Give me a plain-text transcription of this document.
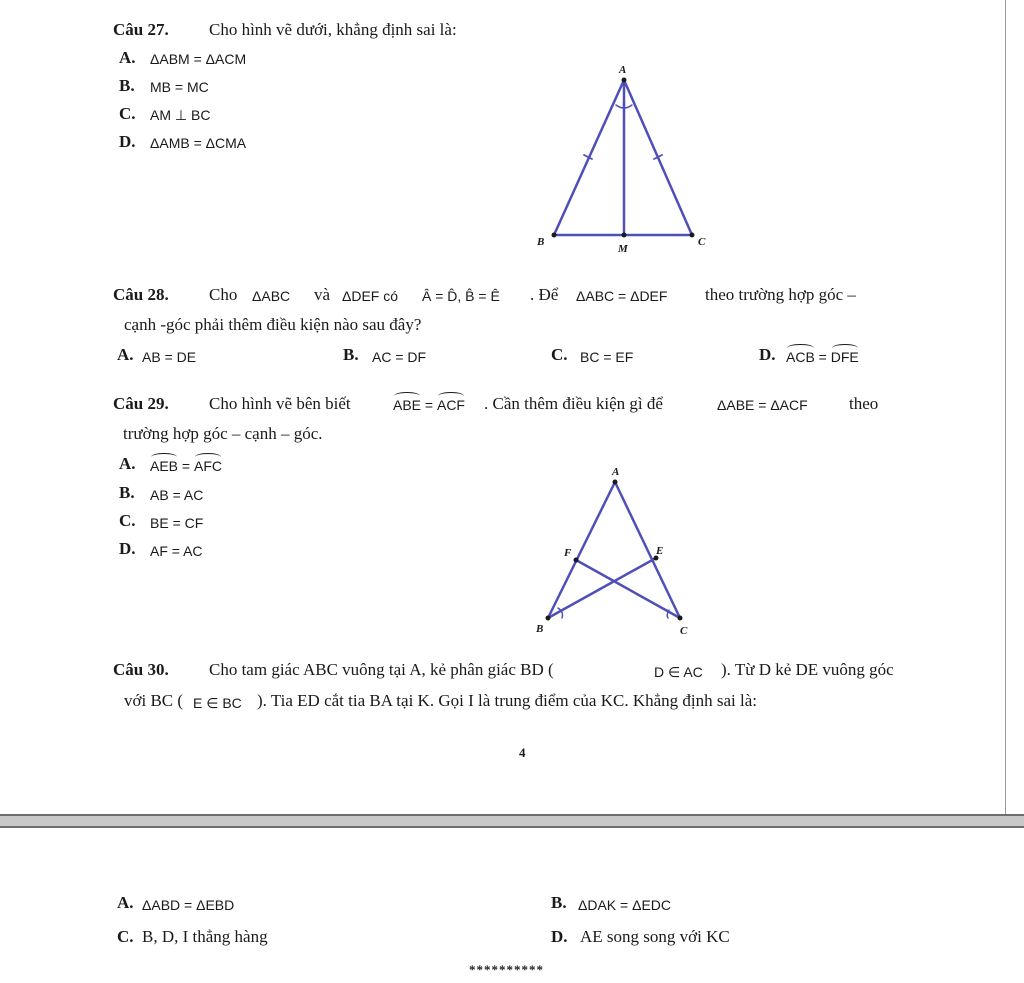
Câu 27. Cho hình vẽ dưới, khẳng định sai là:
A. ΔABM = ΔACM
B. MB = MC
C. AM ⊥ BC
D. ΔAMB = ΔCMA
A
B
M
C
Câu 28. Cho ΔABC và ΔDEF có Â = D̂, B̂ = Ê . Để ΔABC = ΔDEF theo trường hợp góc –
cạnh -góc phải thêm điều kiện nào sau đây?
A. AB = DE	B. AC = DF	C. BC = EF	D. ACB = DFE
Câu 29. Cho hình vẽ bên biết	ABE = ACF . Cần thêm điều kiện gì để	ΔABE = ΔACF theo
trường hợp góc – cạnh – góc.
A. AEB = AFC
B. AB = AC
C. BE = CF
D. AF = AC
A
F	E
B	C
Câu 30. Cho tam giác ABC vuông tại A, kẻ phân giác BD (	D ∈ AC ). Từ D kẻ DE vuông góc
với BC ( E ∈ BC ). Tia ED cắt tia BA tại K. Gọi I là trung điểm của KC. Khẳng định sai là:
4
A. ΔABD = ΔEBD	B. ΔDAK = ΔEDC
C. B, D, I thẳng hàng	D. AE song song với KC
**********
